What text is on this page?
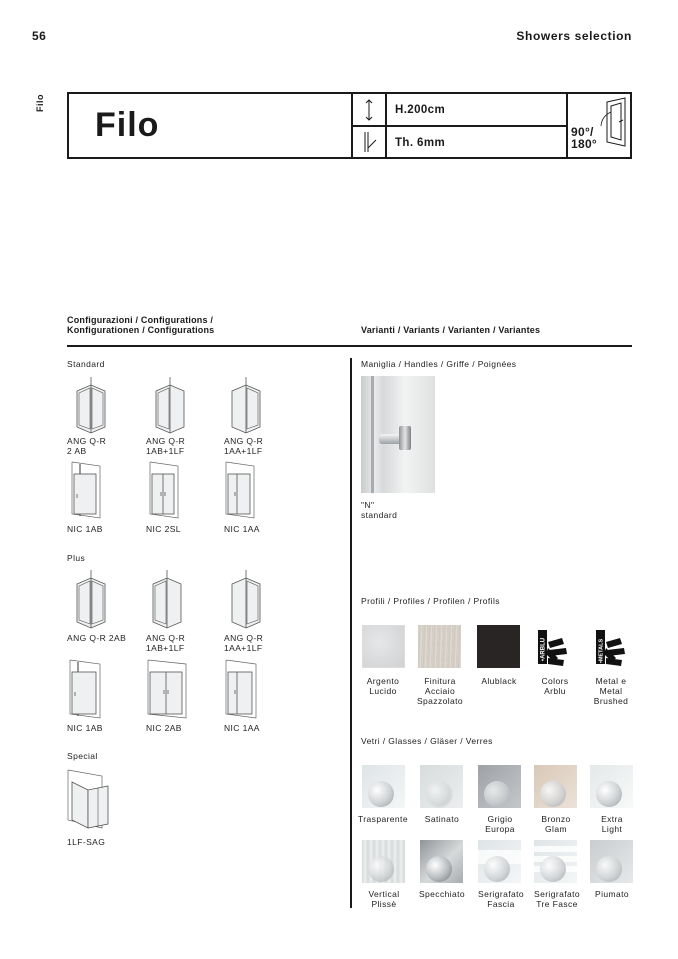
56	Showers selection
Filo
Filo	H.200cm
Th. 6mm
90°/
180°
Configurazioni / Configurations /
Konfigurationen / Configurations	Varianti / Variants / Varianten / Variantes
Standard
ANG Q-R
2 AB
ANG Q-R
1AB+1LF
ANG Q-R
1AA+1LF
NIC 1AB	NIC 2SL	NIC 1AA
Plus
ANG Q-R 2AB ANG Q-R
1AB+1LF
ANG Q-R
1AA+1LF
NIC 1AB	NIC 2AB	NIC 1AA
Special
1LF-SAG
Maniglia / Handles / Griffe / Poignées
"N"
standard
Profili / Profiles / Profilen / Profils
•ARBLU	•METALS
Argento
Lucido
Finitura
Acciaio
Spazzolato
Alublack	Colors
Arblu
Metal e
Metal
Brushed
Vetri / Glasses / Gläser / Verres
Trasparente	Satinato	Grigio
Europa
Bronzo
Glam
Extra
Light
Vertical
Plissè
Specchiato	Serigrafato
Fascia
Serigrafato
Tre Fasce
Piumato
